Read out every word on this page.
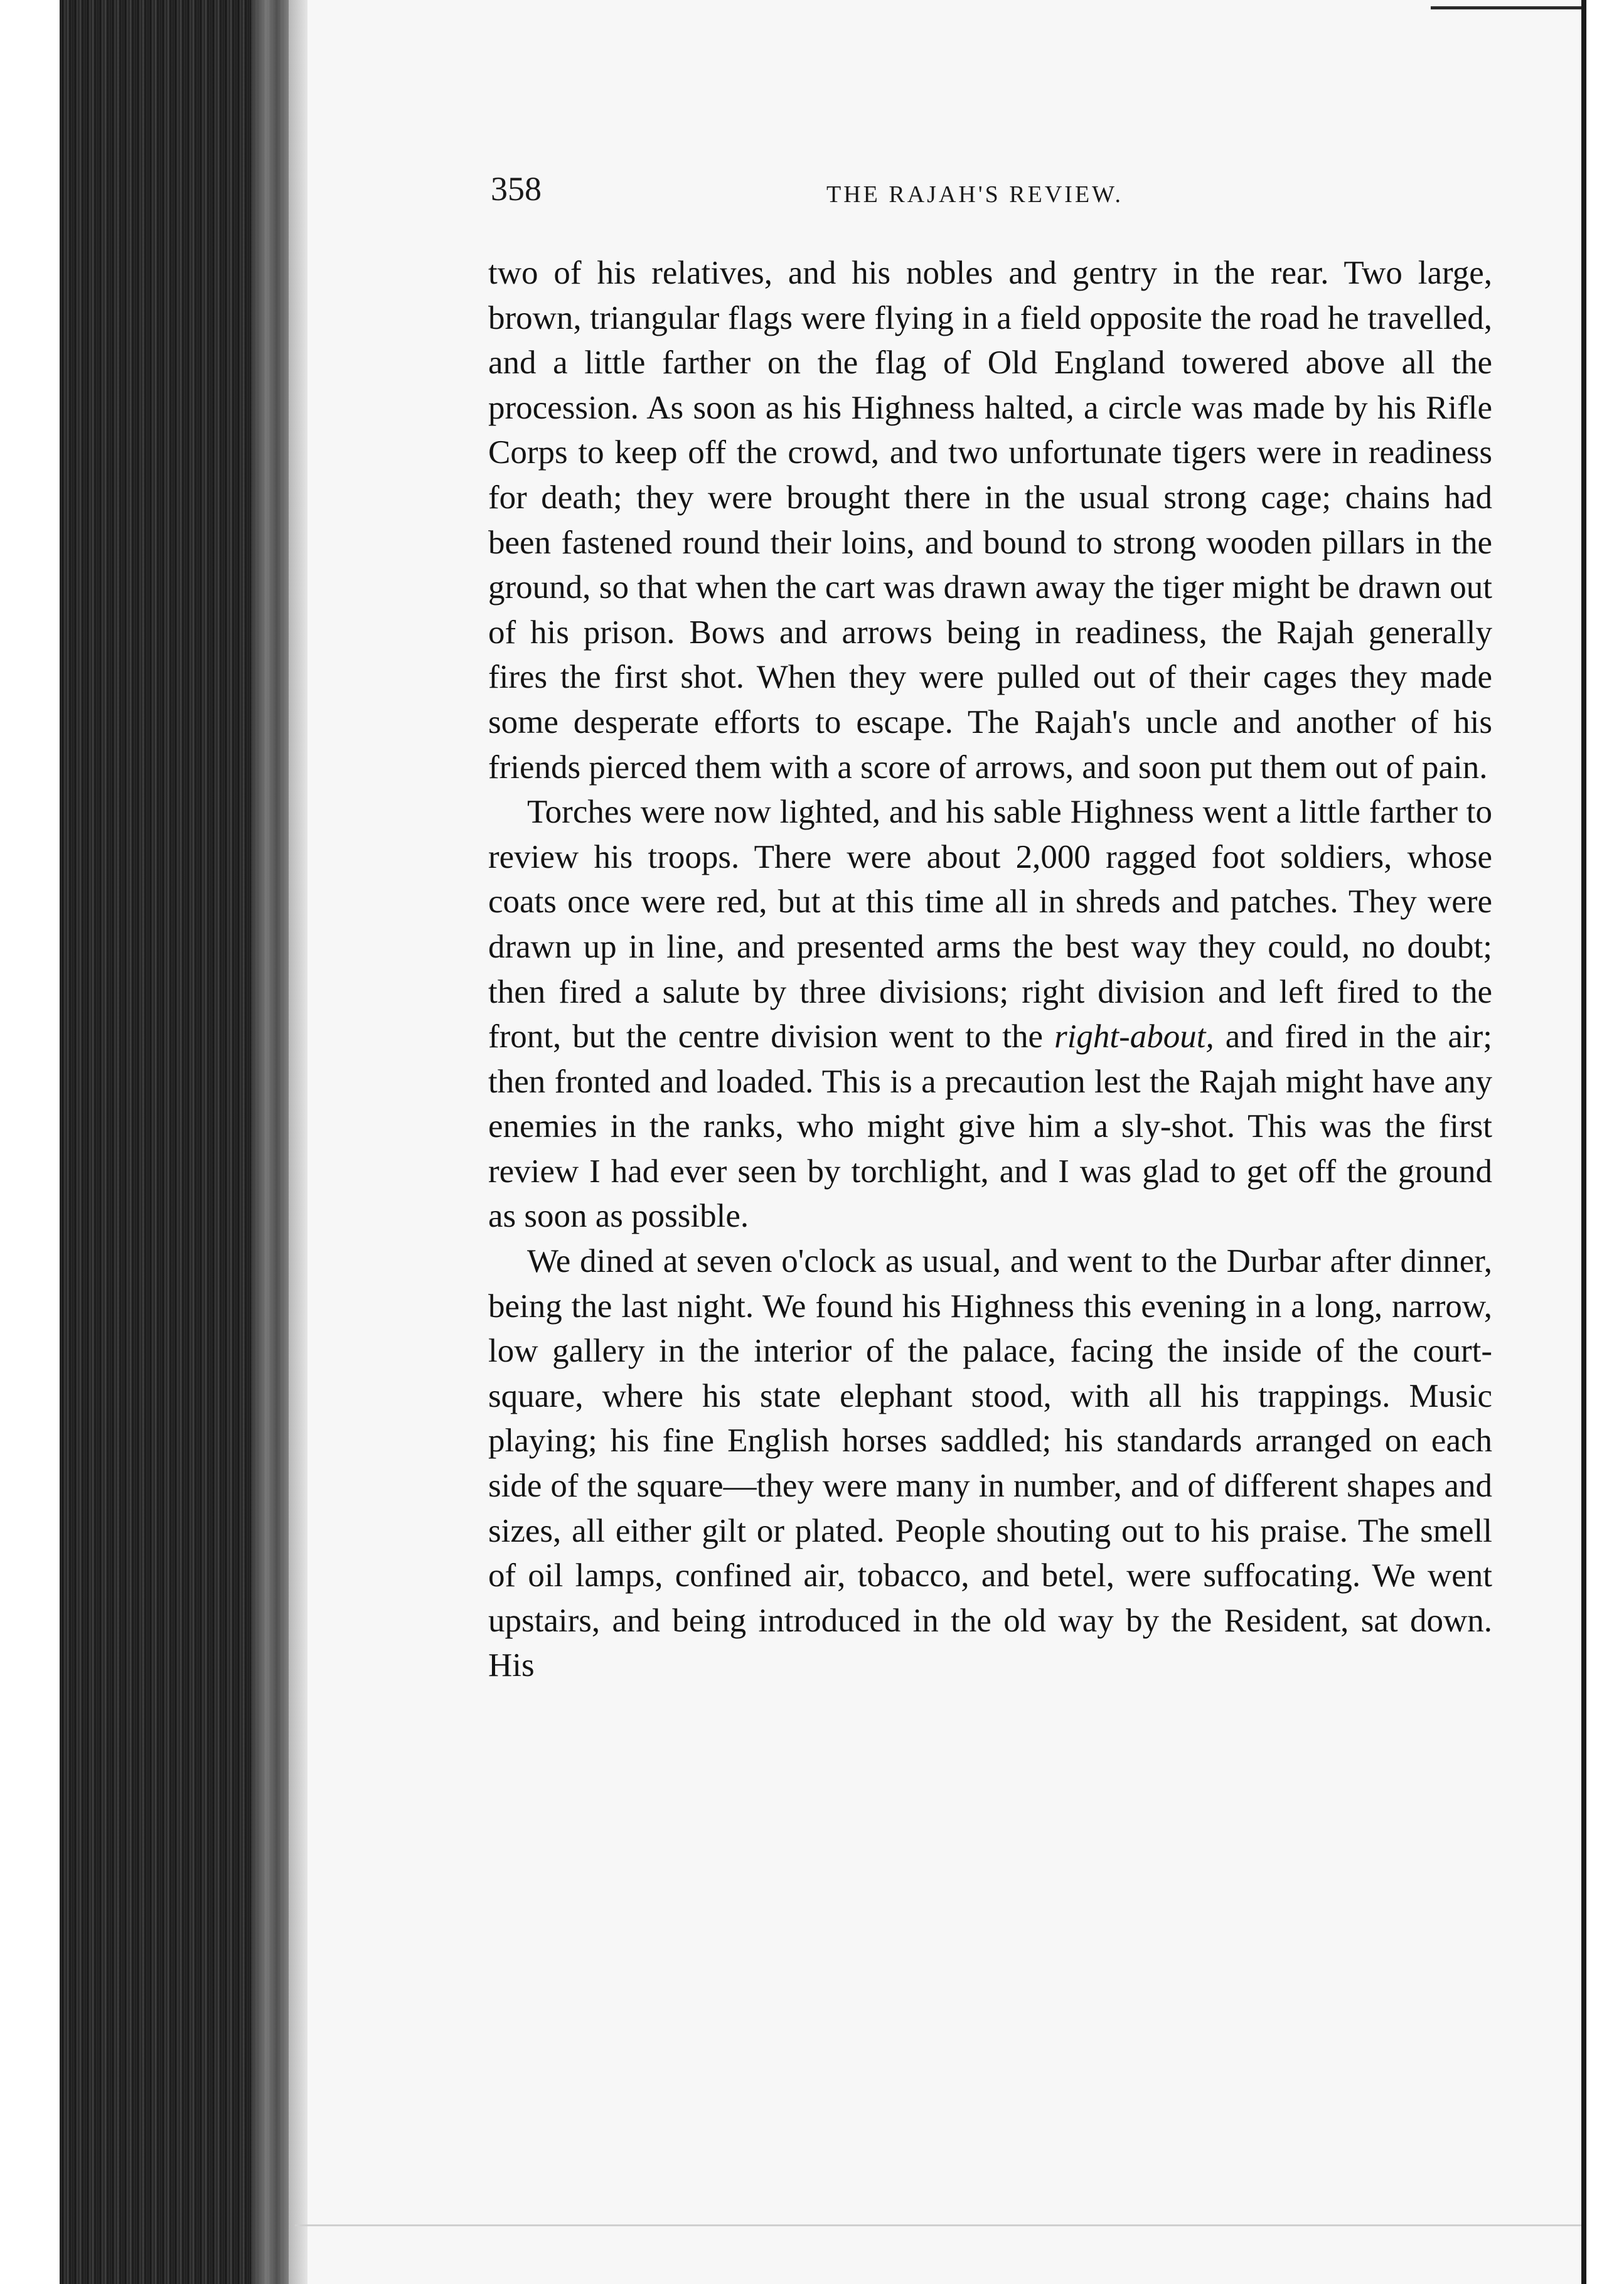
358	THE RAJAH'S REVIEW.

two of his relatives, and his nobles and gentry in the rear. Two large, brown, triangular flags were flying in a field opposite the road he travelled, and a little farther on the flag of Old England towered above all the procession. As soon as his Highness halted, a circle was made by his Rifle Corps to keep off the crowd, and two unfortunate tigers were in readiness for death; they were brought there in the usual strong cage; chains had been fastened round their loins, and bound to strong wooden pillars in the ground, so that when the cart was drawn away the tiger might be drawn out of his prison. Bows and arrows being in readiness, the Rajah generally fires the first shot. When they were pulled out of their cages they made some desperate efforts to escape. The Rajah's uncle and another of his friends pierced them with a score of arrows, and soon put them out of pain.

Torches were now lighted, and his sable Highness went a little farther to review his troops. There were about 2,000 ragged foot soldiers, whose coats once were red, but at this time all in shreds and patches. They were drawn up in line, and presented arms the best way they could, no doubt; then fired a salute by three divisions; right division and left fired to the front, but the centre division went to the right-about, and fired in the air; then fronted and loaded. This is a precaution lest the Rajah might have any enemies in the ranks, who might give him a sly-shot. This was the first review I had ever seen by torchlight, and I was glad to get off the ground as soon as possible.

We dined at seven o'clock as usual, and went to the Durbar after dinner, being the last night. We found his Highness this evening in a long, narrow, low gallery in the interior of the palace, facing the inside of the court-square, where his state elephant stood, with all his trappings. Music playing; his fine English horses saddled; his standards arranged on each side of the square—they were many in number, and of different shapes and sizes, all either gilt or plated. People shouting out to his praise. The smell of oil lamps, confined air, tobacco, and betel, were suffocating. We went upstairs, and being introduced in the old way by the Resident, sat down. His
